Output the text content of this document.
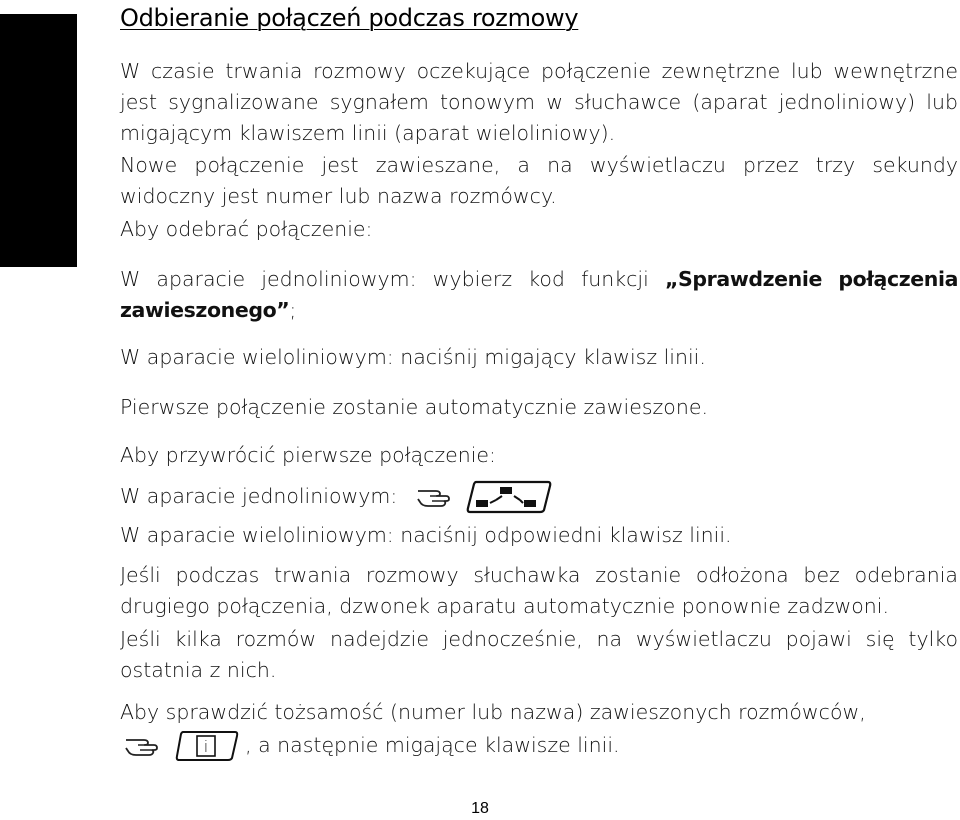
Odbieranie połączeń podczas rozmowy

W czasie trwania rozmowy oczekujące połączenie zewnętrzne lub wewnętrzne jest sygnalizowane sygnałem tonowym w słuchawce (aparat jednoliniowy) lub migającym klawiszem linii (aparat wieloliniowy).

Nowe połączenie jest zawieszane, a na wyświetlaczu przez trzy sekundy widoczny jest numer lub nazwa rozmówcy.

Aby odebrać połączenie:

W aparacie jednoliniowym: wybierz kod funkcji „Sprawdzenie połączenia zawieszonego”;

W aparacie wieloliniowym: naciśnij migający klawisz linii.

Pierwsze połączenie zostanie automatycznie zawieszone.

Aby przywrócić pierwsze połączenie:

W aparacie jednoliniowym:

W aparacie wieloliniowym: naciśnij odpowiedni klawisz linii.

Jeśli podczas trwania rozmowy słuchawka zostanie odłożona bez odebrania drugiego połączenia, dzwonek aparatu automatycznie ponownie zadzwoni.

Jeśli kilka rozmów nadejdzie jednocześnie, na wyświetlaczu pojawi się tylko ostatnia z nich.

Aby sprawdzić tożsamość (numer lub nazwa) zawieszonych rozmówców,

i , a następnie migające klawisze linii.

18
